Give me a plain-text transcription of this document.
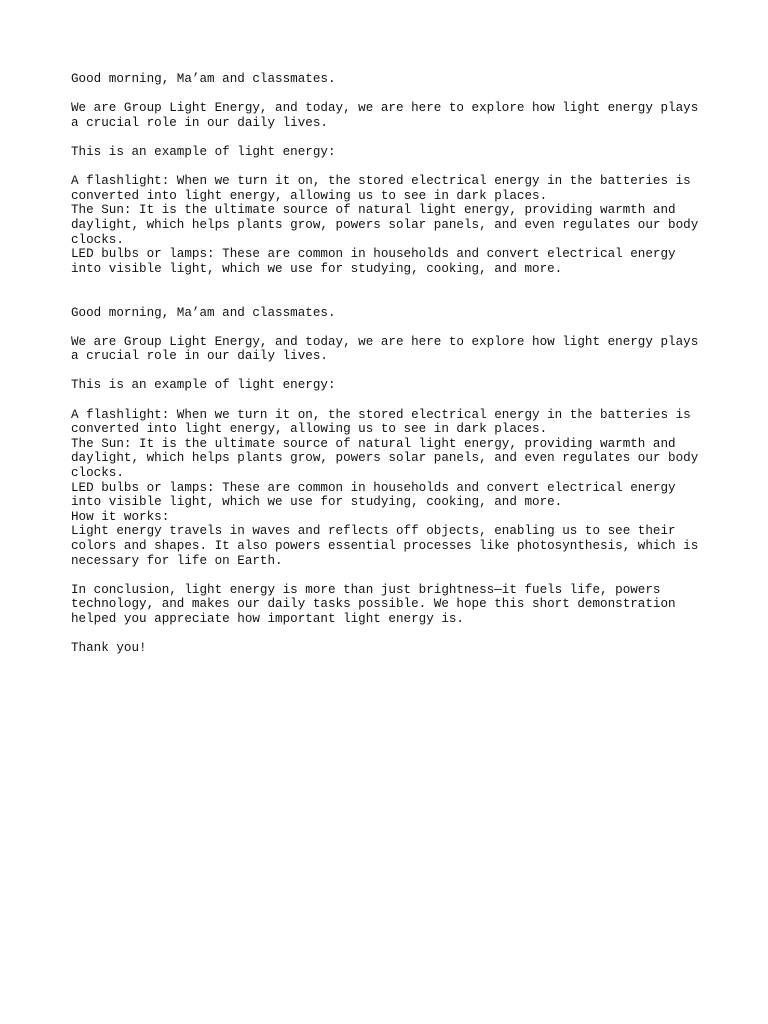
Good morning, Ma’am and classmates.
We are Group Light Energy, and today, we are here to explore how light energy plays
a crucial role in our daily lives.
This is an example of light energy:
A flashlight: When we turn it on, the stored electrical energy in the batteries is
converted into light energy, allowing us to see in dark places.
The Sun: It is the ultimate source of natural light energy, providing warmth and
daylight, which helps plants grow, powers solar panels, and even regulates our body
clocks.
LED bulbs or lamps: These are common in households and convert electrical energy
into visible light, which we use for studying, cooking, and more.
Good morning, Ma’am and classmates.
We are Group Light Energy, and today, we are here to explore how light energy plays
a crucial role in our daily lives.
This is an example of light energy:
A flashlight: When we turn it on, the stored electrical energy in the batteries is
converted into light energy, allowing us to see in dark places.
The Sun: It is the ultimate source of natural light energy, providing warmth and
daylight, which helps plants grow, powers solar panels, and even regulates our body
clocks.
LED bulbs or lamps: These are common in households and convert electrical energy
into visible light, which we use for studying, cooking, and more.
How it works:
Light energy travels in waves and reflects off objects, enabling us to see their
colors and shapes. It also powers essential processes like photosynthesis, which is
necessary for life on Earth.
In conclusion, light energy is more than just brightness—it fuels life, powers
technology, and makes our daily tasks possible. We hope this short demonstration
helped you appreciate how important light energy is.
Thank you!
